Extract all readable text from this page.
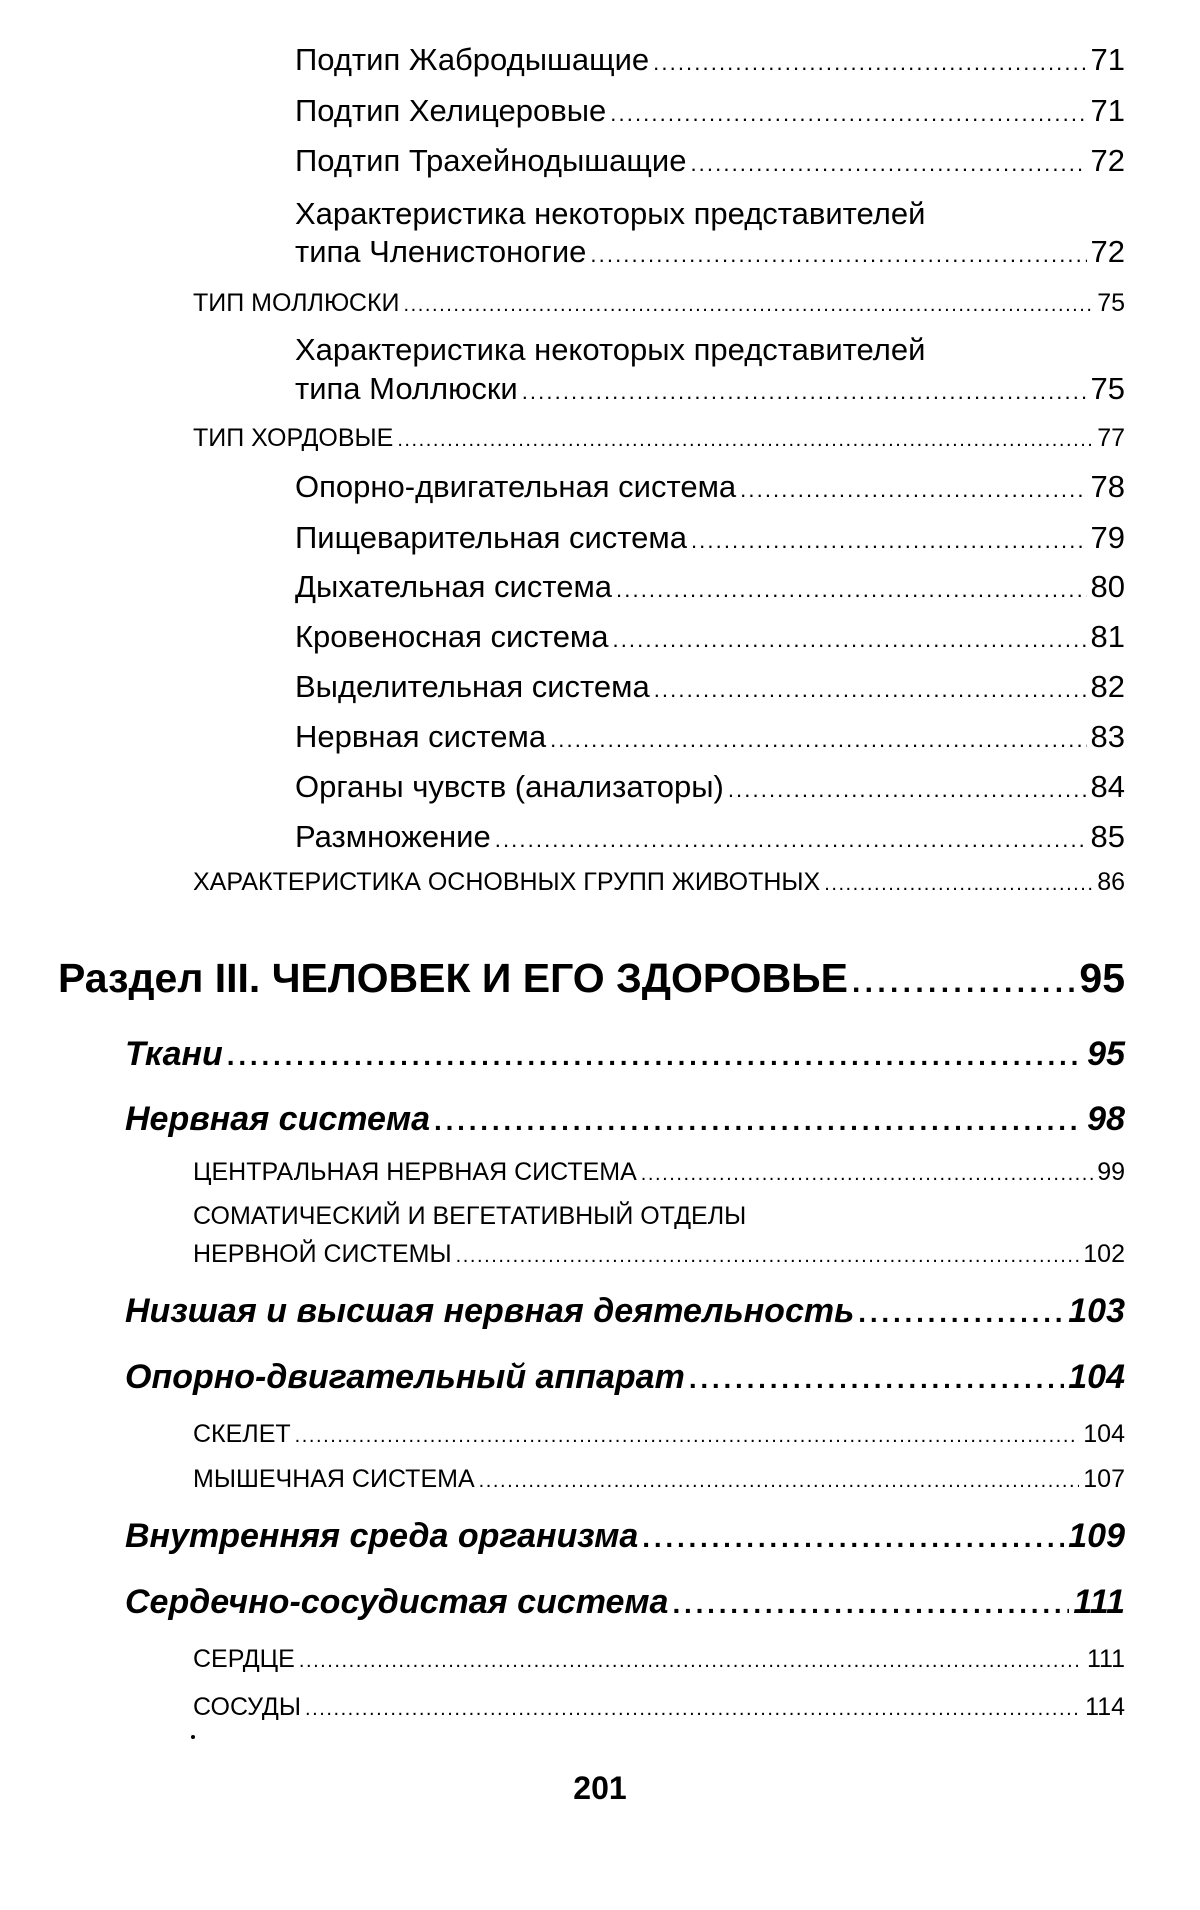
Подтип Жабродышащие . . .	71
Подтип Хелицеровые . . .	71
Подтип Трахейнодышащие . . .	72
Характеристика некоторых представителей
типа Членистоногие . . .	72
ТИП МОЛЛЮСКИ . . .	75
Характеристика некоторых представителей
типа Моллюски . . .	75
ТИП ХОРДОВЫЕ . . .	77
Опорно-двигательная система . . .	78
Пищеварительная система . . .	79
Дыхательная система . . .	80
Кровеносная система . . .	81
Выделительная система . . .	82
Нервная система . . .	83
Органы чувств (анализаторы) . . .	84
Размножение . . .	85
ХАРАКТЕРИСТИКА ОСНОВНЫХ ГРУПП ЖИВОТНЫХ . . .	86
Раздел III. ЧЕЛОВЕК И ЕГО ЗДОРОВЬЕ . . .	95
Ткани . . .	95
Нервная система . . .	98
ЦЕНТРАЛЬНАЯ НЕРВНАЯ СИСТЕМА . . .	99
СОМАТИЧЕСКИЙ И ВЕГЕТАТИВНЫЙ ОТДЕЛЫ
НЕРВНОЙ СИСТЕМЫ . . .	102
Низшая и высшая нервная деятельность . . .	103
Опорно-двигательный аппарат . . .	104
СКЕЛЕТ . . .	104
МЫШЕЧНАЯ СИСТЕМА . . .	107
Внутренняя среда организма . . .	109
Сердечно-сосудистая система . . .	111
СЕРДЦЕ . . .	111
СОСУДЫ . . .	114
201
